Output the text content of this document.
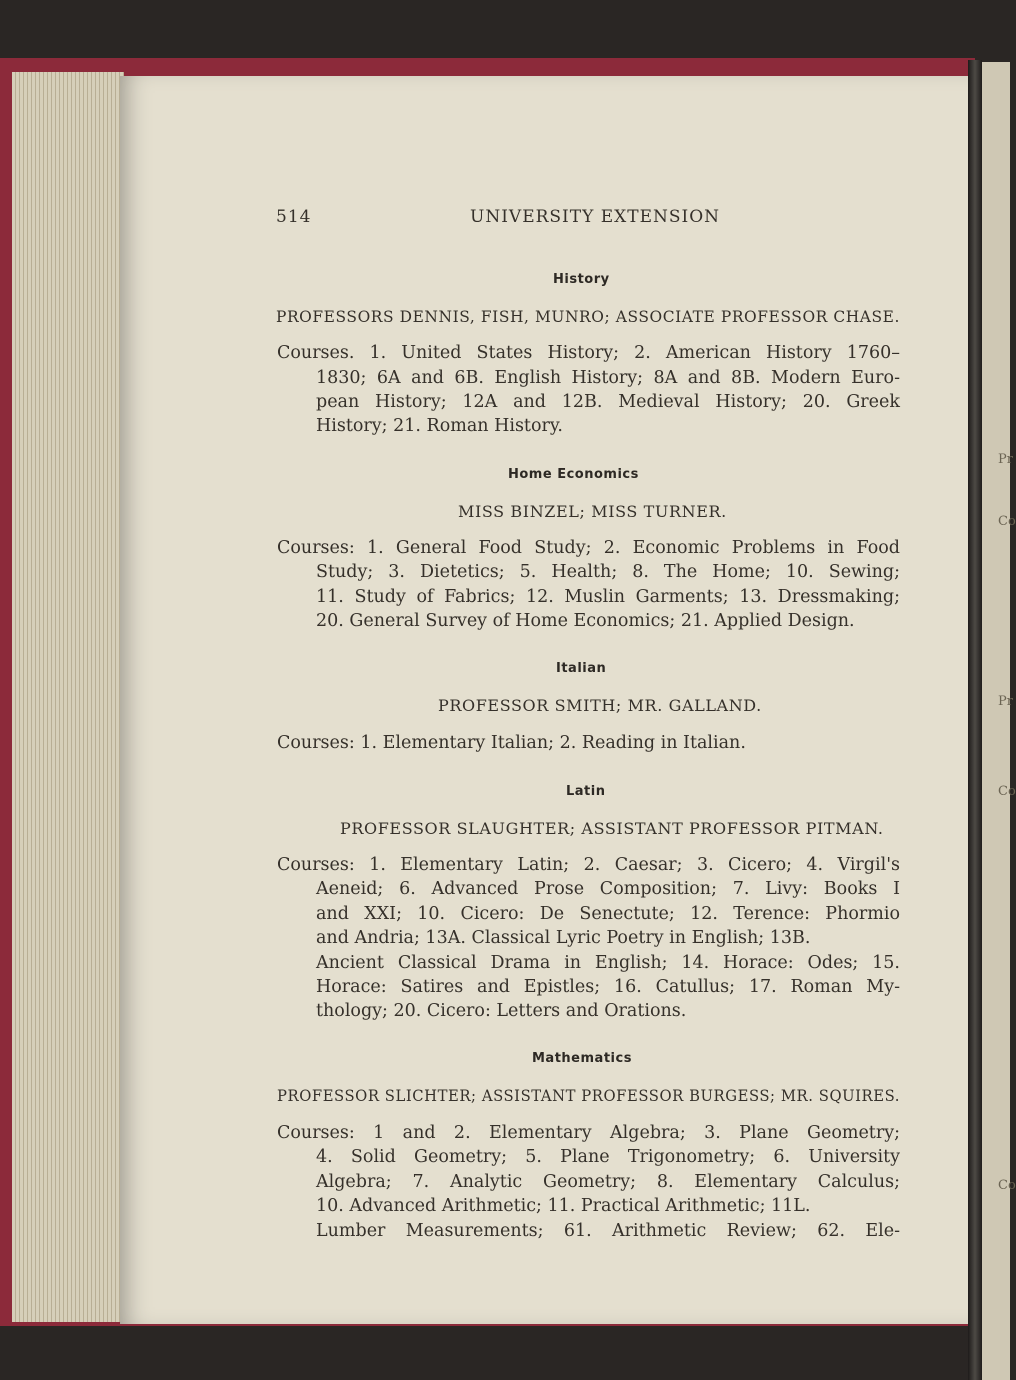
Pr
Co
Pr
Co
Co
514	UNIVERSITY EXTENSION
History
PROFESSORS DENNIS, FISH, MUNRO; ASSOCIATE PROFESSOR CHASE.
Courses. 1. United States History; 2. American History 1760–
1830; 6A and 6B. English History; 8A and 8B. Modern Euro-
pean History; 12A and 12B. Medieval History; 20. Greek
History; 21. Roman History.
Home Economics
MISS BINZEL; MISS TURNER.
Courses: 1. General Food Study; 2. Economic Problems in Food
Study; 3. Dietetics; 5. Health; 8. The Home; 10. Sewing;
11. Study of Fabrics; 12. Muslin Garments; 13. Dressmaking;
20. General Survey of Home Economics; 21. Applied Design.
Italian
PROFESSOR SMITH; MR. GALLAND.
Courses: 1. Elementary Italian; 2. Reading in Italian.
Latin
PROFESSOR SLAUGHTER; ASSISTANT PROFESSOR PITMAN.
Courses: 1. Elementary Latin; 2. Caesar; 3. Cicero; 4. Virgil's
Aeneid; 6. Advanced Prose Composition; 7. Livy: Books I
and XXI; 10. Cicero: De Senectute; 12. Terence: Phormio
and Andria; 13A. Classical Lyric Poetry in English; 13B.
Ancient Classical Drama in English; 14. Horace: Odes; 15.
Horace: Satires and Epistles; 16. Catullus; 17. Roman My-
thology; 20. Cicero: Letters and Orations.
Mathematics
PROFESSOR SLICHTER; ASSISTANT PROFESSOR BURGESS; MR. SQUIRES.
Courses: 1 and 2. Elementary Algebra; 3. Plane Geometry;
4. Solid Geometry; 5. Plane Trigonometry; 6. University
Algebra; 7. Analytic Geometry; 8. Elementary Calculus;
10. Advanced Arithmetic; 11. Practical Arithmetic; 11L.
Lumber Measurements; 61. Arithmetic Review; 62. Ele-
